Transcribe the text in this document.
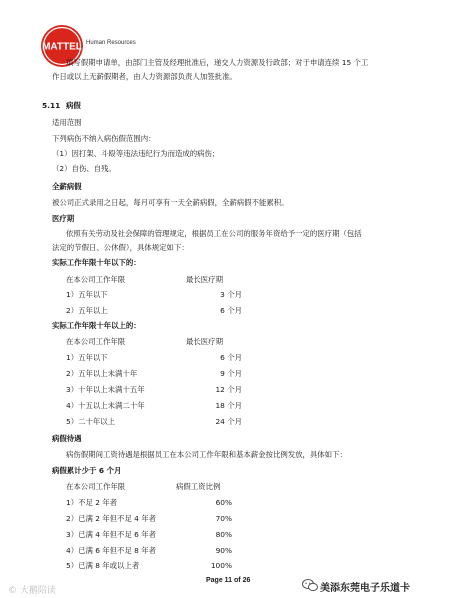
MATTEL Human Resources
填写假期申请单，由部门主管及经理批准后，递交人力资源及行政部；对于申请连续 15 个工
作日或以上无薪假期者，由人力资源部负责人加签批准。
5.11 病假
适用范围
下列病伤不纳入病伤假范围内：
（1）因打架、斗殴等违法违纪行为而造成的病伤；
（2）自伤、自残。
全薪病假
被公司正式录用之日起，每月可享有一天全薪病假，全薪病假不能累积。
医疗期
依照有关劳动及社会保障的管理规定，根据员工在公司的服务年资给予一定的医疗期（包括
法定的节假日、公休假），具体规定如下：
实际工作年限十年以下的：
在本公司工作年限	最长医疗期
1）五年以下	3 个月
2）五年以上	6 个月
实际工作年限十年以上的：
在本公司工作年限	最长医疗期
1）五年以下	6 个月
2）五年以上未满十年	9 个月
3）十年以上未满十五年	12 个月
4）十五以上未满二十年	18 个月
5）二十年以上	24 个月
病假待遇
病伤假期间工资待遇是根据员工在本公司工作年限和基本薪金按比例发放，具体如下：
病假累计少于 6 个月
在本公司工作年限	病假工资比例
1）不足 2 年者	60%
2）已满 2 年但不足 4 年者	70%
3）已满 4 年但不足 6 年者	80%
4）已满 6 年但不足 8 年者	90%
5）已满 8 年或以上者	100%
Page 11 of 26
© 大鹅陪读	美添东莞电子乐道卡
